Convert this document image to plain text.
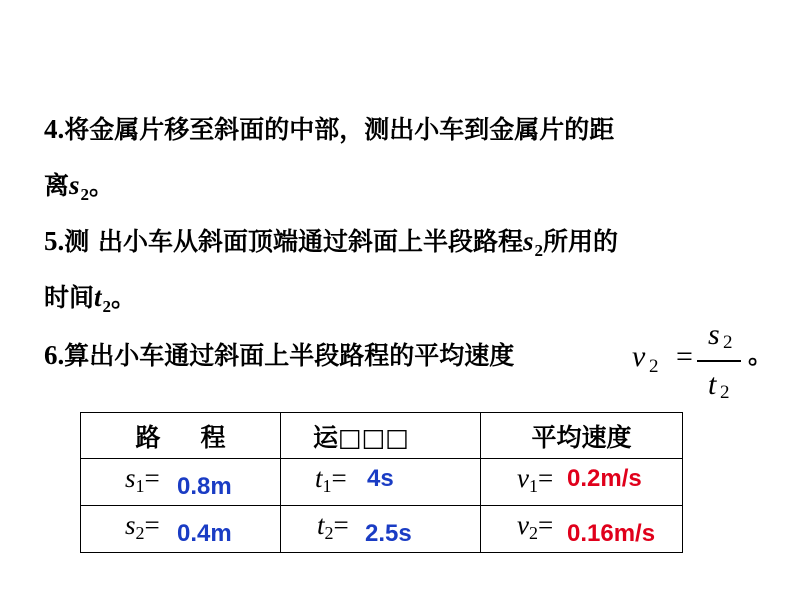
4.将金属片移至斜面的中部，测出小车到金属片的距
离$s_2$。
5.测 出小车从斜面顶端通过斜面上半段路程$s_2$所用的
时间$t_2$。
6.算出小车通过斜面上半段路程的平均速度	v 2 =
s 2
t 2
。
路 程	运□□□	平均速度

s1= 0.8m	t1= 4s	v1= 0.2m/s

s2= 0.4m	t2= 2.5s	v2= 0.16m/s
